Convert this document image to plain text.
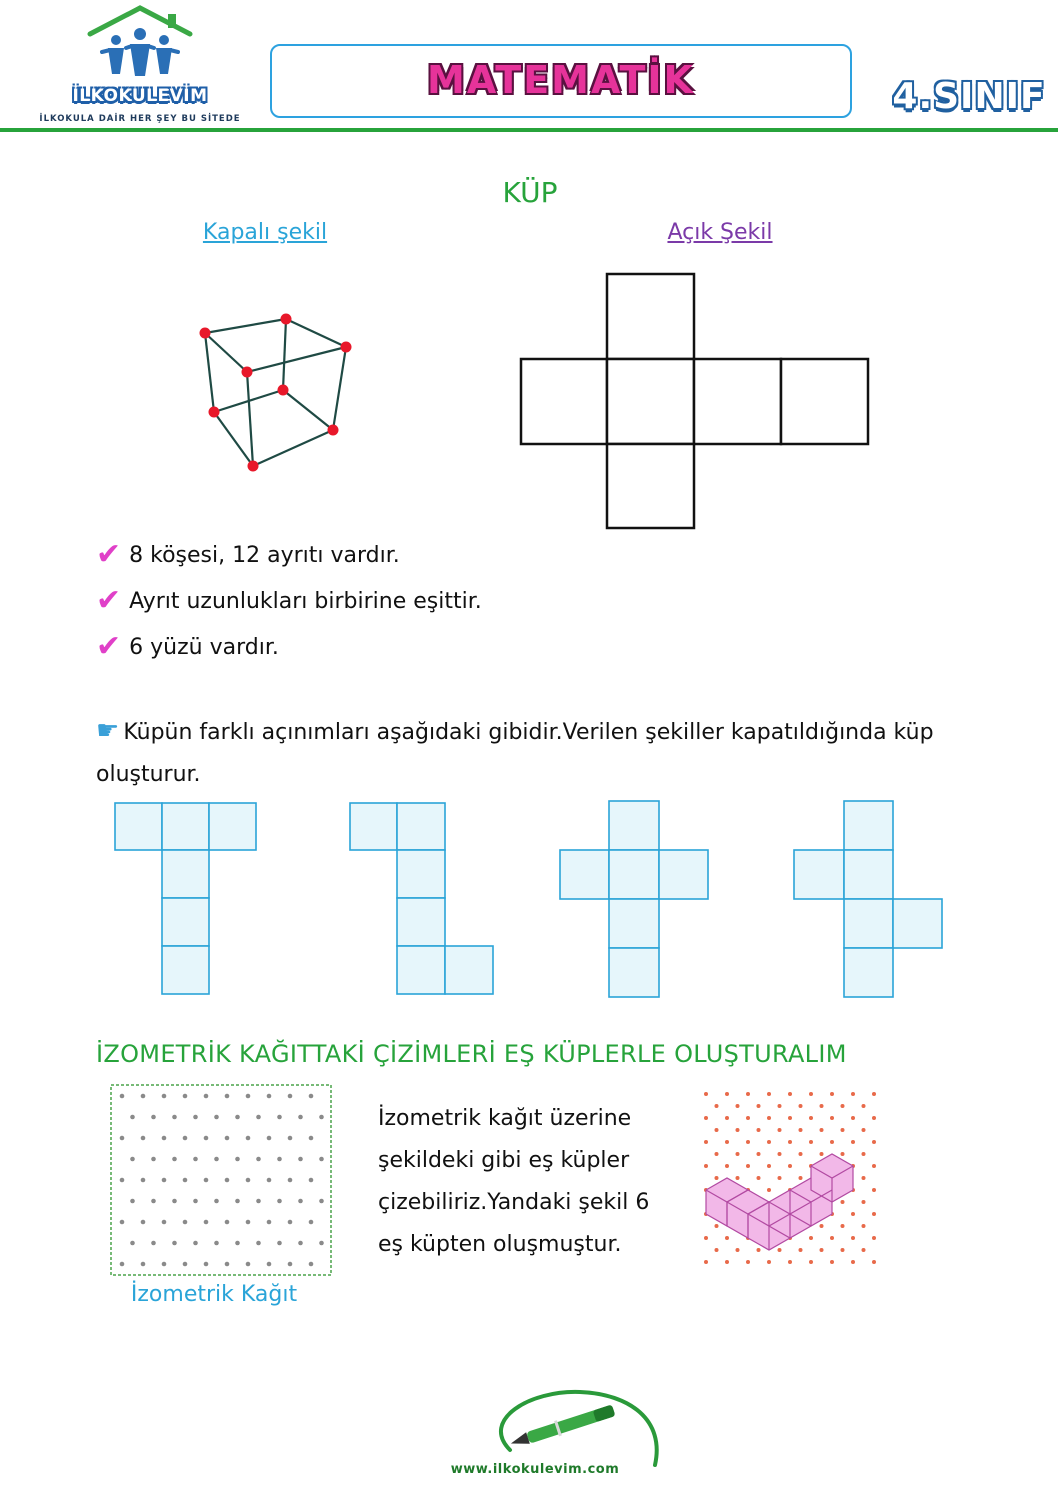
İLKOKULEVİM
İLKOKULA DAİR HER ŞEY BU SİTEDE
MATEMATİK	4.SINIF
KÜP
Kapalı şekil	Açık Şekil
✔ 8 köşesi, 12 ayrıtı vardır.
✔ Ayrıt uzunlukları birbirine eşittir.
✔ 6 yüzü vardır.
☛ Küpün farklı açınımları aşağıdaki gibidir.Verilen şekiller kapatıldığında küp oluşturur.
İZOMETRİK KAĞITTAKİ ÇİZİMLERİ EŞ KÜPLERLE OLUŞTURALIM
İzometrik kağıt üzerine şekildeki gibi eş küpler çizebiliriz.Yandaki şekil 6 eş küpten oluşmuştur.
İzometrik Kağıt
www.ilkokulevim.com
